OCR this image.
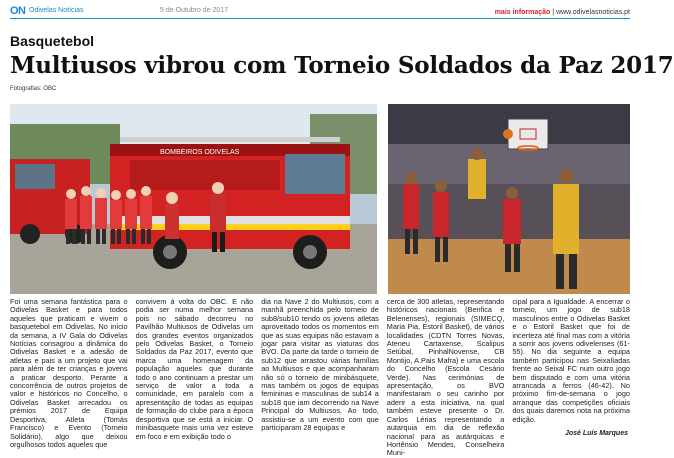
ON Odivelas Notícias	5 de Outubro de 2017	mais informação | www.odivelasnoticias.pt
Basquetebol
Multiusos vibrou com Torneio Soldados da Paz 2017
Fotografias: OBC
BOMBEIROS ODIVELAS
Foi uma semana fantástica para o Odivelas Basket e para todos aqueles que praticam e vivem o basquetebol em Odivelas. No início da semana, a IV Gala do Odivelas Notícias consagrou a dinâmica do Odivelas Basket e a adesão de atletas e pais a um projeto que vai para além de ter crianças e jovens a praticar desporto. Perante a concorrência de outros projetos de valor e históricos no Concelho, o Odivelas Basket arrecadou os prémios 2017 de Equipa Desportiva, Atleta (Tomás Francisco) e Evento (Torneio Solidário), algo que deixou orgulhosos todos aqueles que
convivem à volta do OBC. E não podia ser numa melhor semana pois no sábado decorreu no Pavilhão Multiusos de Odivelas um dos grandes eventos organizados pelo Odivelas Basket, o Torneio Soldados da Paz 2017, evento que marca uma homenagem da população aqueles que durante todo o ano continuam a prestar um serviço de valor a toda a comunidade, em paralelo com a apresentação de todas as equipas de formação do clube para a época desportiva que se está a iniciar. O minibasquete mais uma vez esteve em foco e em exibição todo o
dia na Nave 2 do Multiusos, com a manhã preenchida pelo torneio de sub8/sub10 tendo os jovens atletas aproveitado todos os momentos em que as suas equipas não estavam a jogar para visitar as viaturas dos BVO. Da parte da tarde o torneio de sub12 que arrastou várias famílias ao Multiusos e que acompanharam não só o torneio de minibásquete, mas também os jogos de equipas femininas e masculinas de sub14 a sub18 que iam decorrendo na Nave Principal do Multiusos. Ao todo, assistiu-se a um evento com que participaram 28 equipas e
cerca de 300 atletas, representando históricos nacionais (Benfica e Belenenses), regionais (SIMECQ, Maria Pia, Estoril Basket), de vários localidades (CDTN Torres Novas, Ateneu Cartaxense, Scalipus Setúbal, PinhalNovense, CB Montijo, A.Pais Mafra) e uma escola do Concelho (Escola Cesário Verde). Nas cerimónias de apresentação, os BVO manifestaram o seu carinho por aderir a esta iniciativa, na qual também esteve presente o Dr. Carlos Lérias representando a autarquia em dia de reflexão nacional para as autárquicas e Hortênsio Mendes, Conselheira Muni-
cipal para a Igualdade. A encerrar o torneio, um jogo de sub18 masculinos entre o Odivelas Basket e o Estoril Basket que foi de incerteza até final mas com a vitória a sorrir aos jovens odivelenses (61-55). No dia seguinte a equipa também participou nas Seixalíadas frente ao Seixal FC num outro jogo bem disputado e com uma vitória arrancada a ferros (46-42). No próximo fim-de-semana o jogo arranque das competições oficiais dos quais daremos nota na próxima edição.
José Luís Marques
